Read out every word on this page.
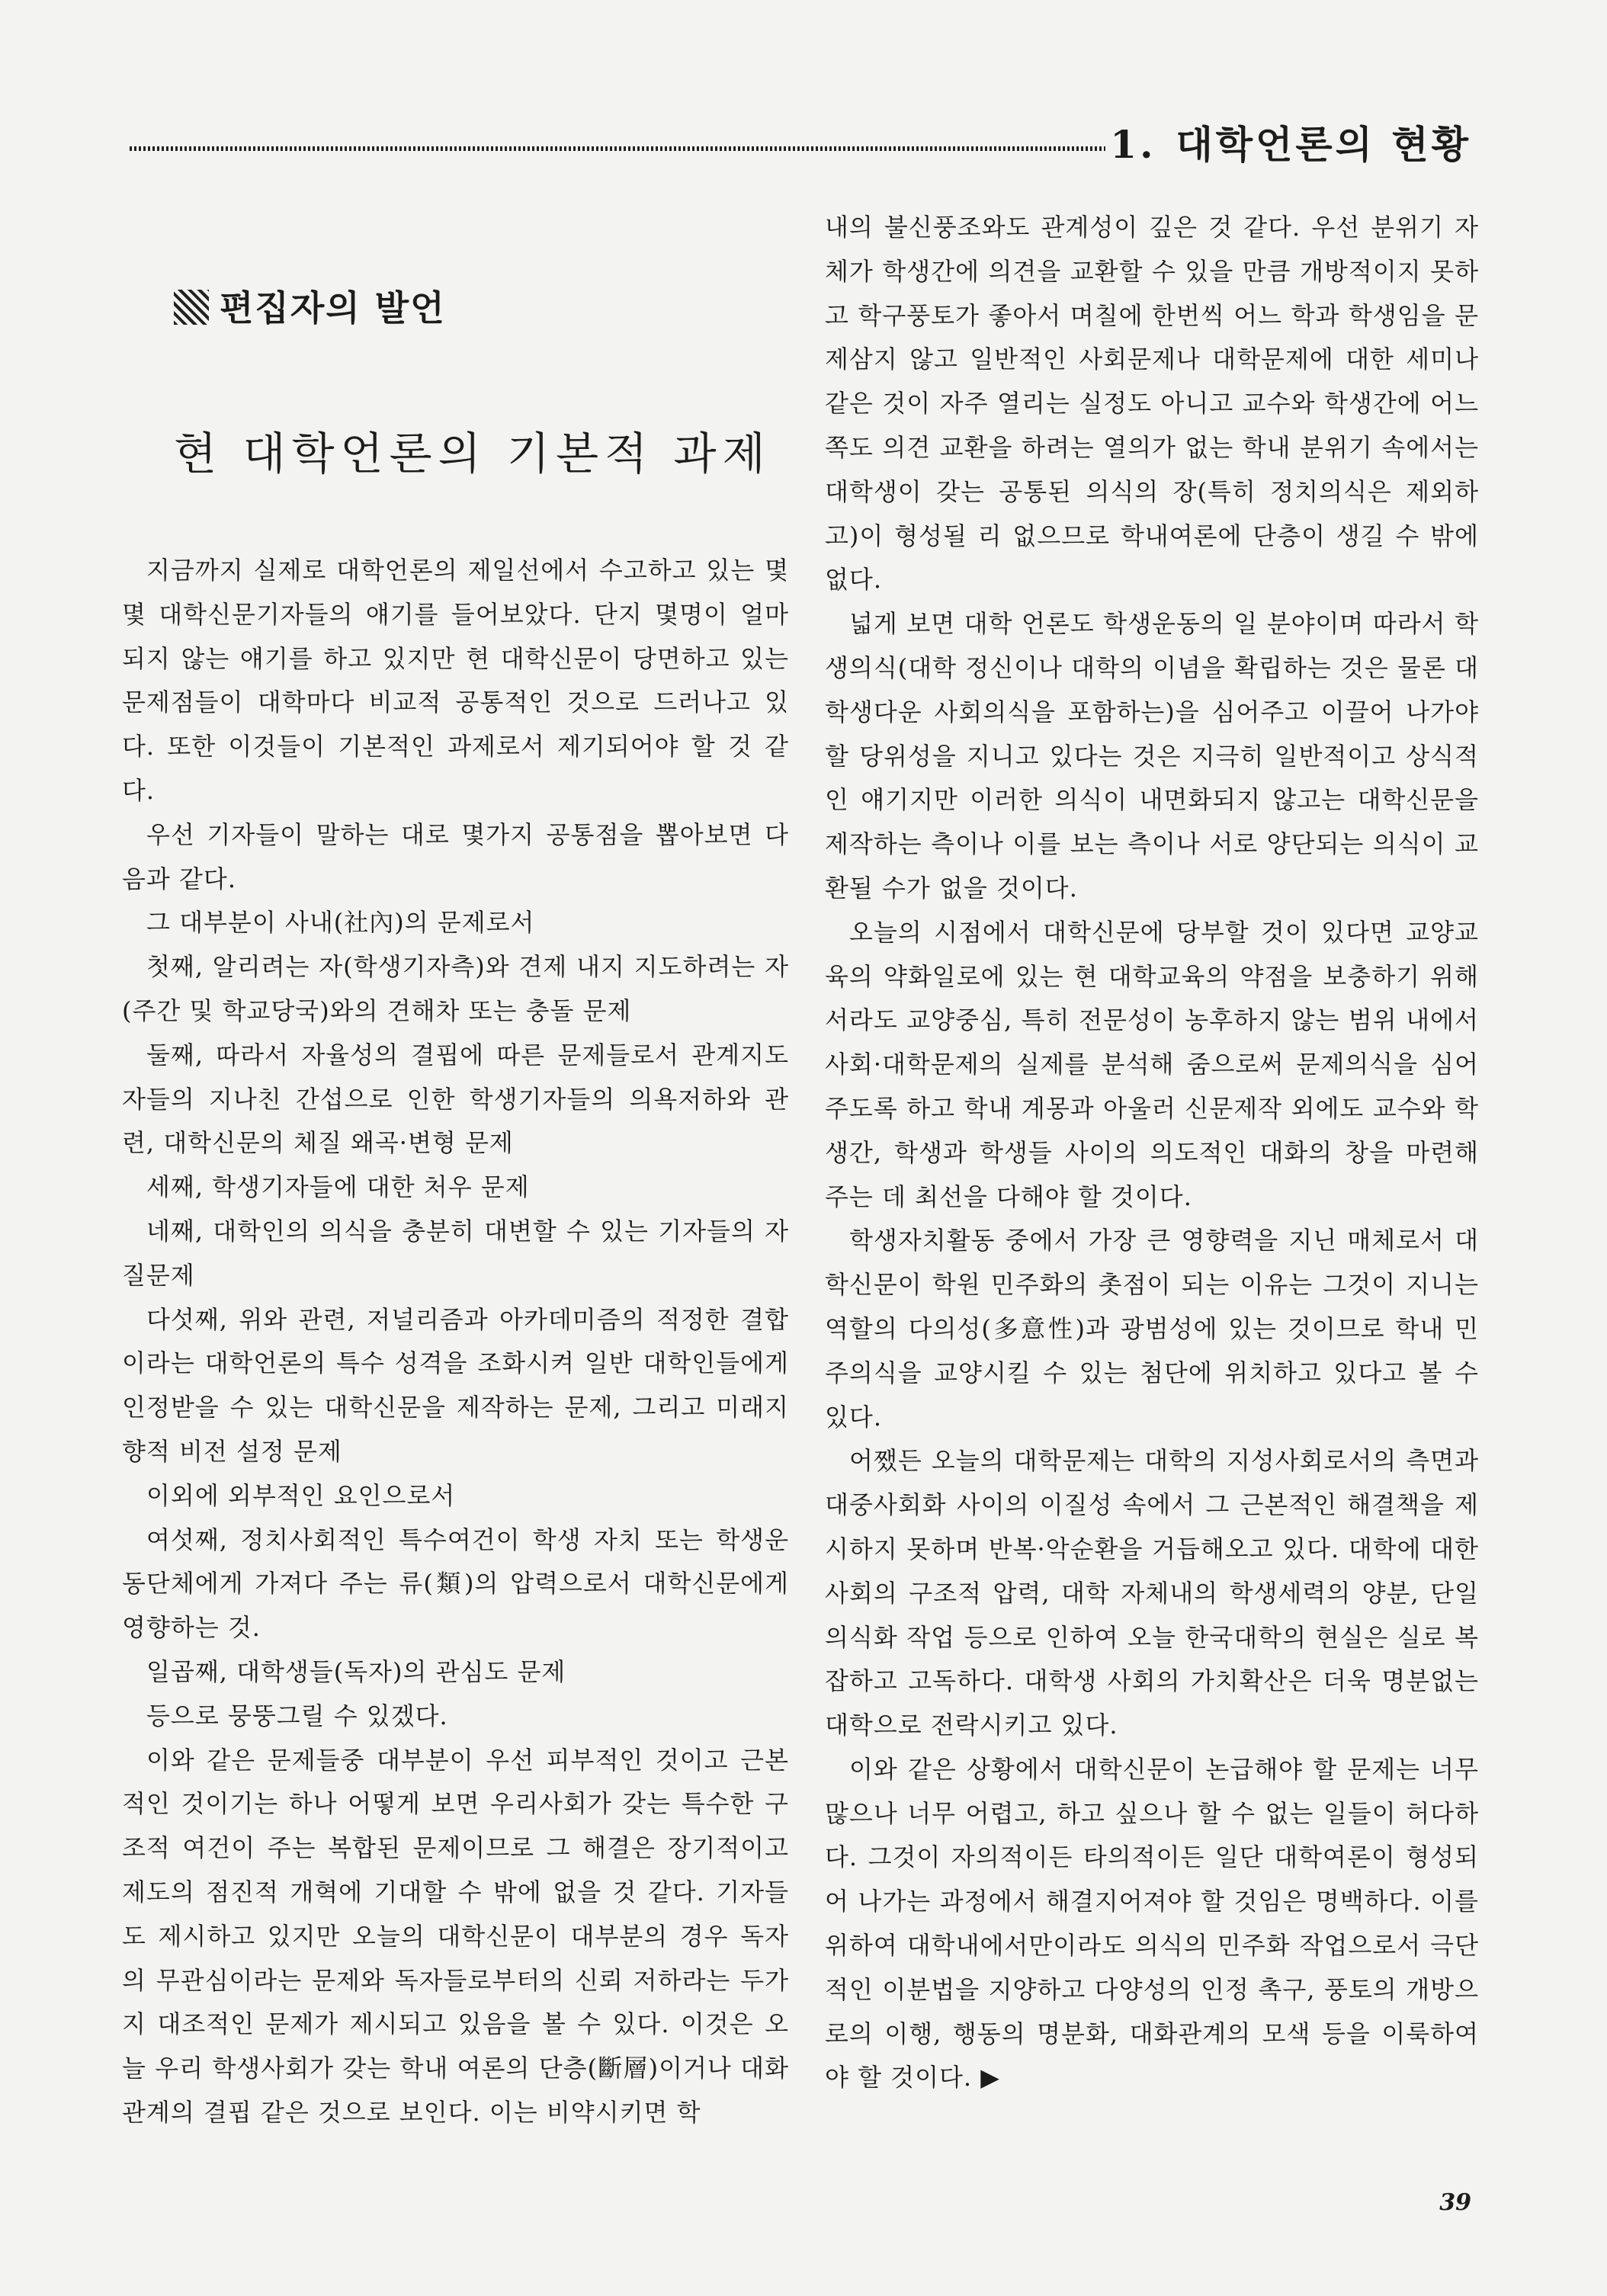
1. 대학언론의 현황
편집자의 발언
현 대학언론의 기본적 과제

지금까지 실제로 대학언론의 제일선에서 수고하고 있는 몇몇 대학신문기자들의 얘기를 들어보았다. 단지 몇명이 얼마되지 않는 얘기를 하고 있지만 현 대학신문이 당면하고 있는 문제점들이 대학마다 비교적 공통적인 것으로 드러나고 있다. 또한 이것들이 기본적인 과제로서 제기되어야 할 것 같다.

우선 기자들이 말하는 대로 몇가지 공통점을 뽑아보면 다음과 같다.

그 대부분이 사내(社內)의 문제로서

첫째, 알리려는 자(학생기자측)와 견제 내지 지도하려는 자(주간 및 학교당국)와의 견해차 또는 충돌 문제

둘째, 따라서 자율성의 결핍에 따른 문제들로서 관계지도자들의 지나친 간섭으로 인한 학생기자들의 의욕저하와 관련, 대학신문의 체질 왜곡·변형 문제

세째, 학생기자들에 대한 처우 문제

네째, 대학인의 의식을 충분히 대변할 수 있는 기자들의 자질문제

다섯째, 위와 관련, 저널리즘과 아카데미즘의 적정한 결합이라는 대학언론의 특수 성격을 조화시켜 일반 대학인들에게 인정받을 수 있는 대학신문을 제작하는 문제, 그리고 미래지향적 비전 설정 문제

이외에 외부적인 요인으로서

여섯째, 정치사회적인 특수여건이 학생 자치 또는 학생운동단체에게 가져다 주는 류(類)의 압력으로서 대학신문에게 영향하는 것.

일곱째, 대학생들(독자)의 관심도 문제

등으로 뭉뚱그릴 수 있겠다.

이와 같은 문제들중 대부분이 우선 피부적인 것이고 근본적인 것이기는 하나 어떻게 보면 우리사회가 갖는 특수한 구조적 여건이 주는 복합된 문제이므로 그 해결은 장기적이고 제도의 점진적 개혁에 기대할 수 밖에 없을 것 같다. 기자들도 제시하고 있지만 오늘의 대학신문이 대부분의 경우 독자의 무관심이라는 문제와 독자들로부터의 신뢰 저하라는 두가지 대조적인 문제가 제시되고 있음을 볼 수 있다. 이것은 오늘 우리 학생사회가 갖는 학내 여론의 단층(斷層)이거나 대화관계의 결핍 같은 것으로 보인다. 이는 비약시키면 학

내의 불신풍조와도 관계성이 깊은 것 같다. 우선 분위기 자체가 학생간에 의견을 교환할 수 있을 만큼 개방적이지 못하고 학구풍토가 좋아서 며칠에 한번씩 어느 학과 학생임을 문제삼지 않고 일반적인 사회문제나 대학문제에 대한 세미나 같은 것이 자주 열리는 실정도 아니고 교수와 학생간에 어느 쪽도 의견 교환을 하려는 열의가 없는 학내 분위기 속에서는 대학생이 갖는 공통된 의식의 장(특히 정치의식은 제외하고)이 형성될 리 없으므로 학내여론에 단층이 생길 수 밖에 없다.

넓게 보면 대학 언론도 학생운동의 일 분야이며 따라서 학생의식(대학 정신이나 대학의 이념을 확립하는 것은 물론 대학생다운 사회의식을 포함하는)을 심어주고 이끌어 나가야 할 당위성을 지니고 있다는 것은 지극히 일반적이고 상식적인 얘기지만 이러한 의식이 내면화되지 않고는 대학신문을 제작하는 측이나 이를 보는 측이나 서로 양단되는 의식이 교환될 수가 없을 것이다.

오늘의 시점에서 대학신문에 당부할 것이 있다면 교양교육의 약화일로에 있는 현 대학교육의 약점을 보충하기 위해서라도 교양중심, 특히 전문성이 농후하지 않는 범위 내에서 사회·대학문제의 실제를 분석해 줌으로써 문제의식을 심어주도록 하고 학내 계몽과 아울러 신문제작 외에도 교수와 학생간, 학생과 학생들 사이의 의도적인 대화의 창을 마련해 주는 데 최선을 다해야 할 것이다.

학생자치활동 중에서 가장 큰 영향력을 지닌 매체로서 대학신문이 학원 민주화의 촛점이 되는 이유는 그것이 지니는 역할의 다의성(多意性)과 광범성에 있는 것이므로 학내 민주의식을 교양시킬 수 있는 첨단에 위치하고 있다고 볼 수 있다.

어쨌든 오늘의 대학문제는 대학의 지성사회로서의 측면과 대중사회화 사이의 이질성 속에서 그 근본적인 해결책을 제시하지 못하며 반복·악순환을 거듭해오고 있다. 대학에 대한 사회의 구조적 압력, 대학 자체내의 학생세력의 양분, 단일의식화 작업 등으로 인하여 오늘 한국대학의 현실은 실로 복잡하고 고독하다. 대학생 사회의 가치확산은 더욱 명분없는 대학으로 전락시키고 있다.

이와 같은 상황에서 대학신문이 논급해야 할 문제는 너무 많으나 너무 어렵고, 하고 싶으나 할 수 없는 일들이 허다하다. 그것이 자의적이든 타의적이든 일단 대학여론이 형성되어 나가는 과정에서 해결지어져야 할 것임은 명백하다. 이를 위하여 대학내에서만이라도 의식의 민주화 작업으로서 극단적인 이분법을 지양하고 다양성의 인정 촉구, 풍토의 개방으로의 이행, 행동의 명분화, 대화관계의 모색 등을 이룩하여야 할 것이다. ▶

39
